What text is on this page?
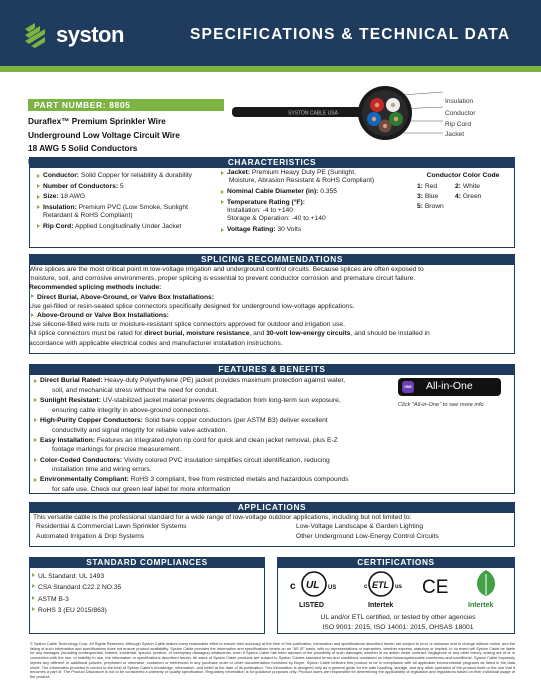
syston	SPECIFICATIONS & TECHNICAL DATA
PART NUMBER: 8805
Duraflex™ Premium Sprinkler Wire
Underground Low Voltage Circuit Wire
18 AWG 5 Solid Conductors
SYSTON CABLE USA
Insulation
Conductor
Rip Cord
Jacket
CHARACTERISTICS
Conductor: Solid Copper for reliability & durability
Number of Conductors: 5
Size: 18 AWG
Insulation: Premium PVC (Low Smoke, Sunlight
Retardant & RoHS Compliant)
Rip Cord: Applied Longitudinally Under Jacket
Jacket: Premium Heavy Duty PE (Sunlight,
Moisture, Abrasion Resistant & RoHS Compliant)
Nominal Cable Diameter (in): 0.355
Temperature Rating (°F):
Installation: -4 to +140
Storage & Operation: -40 to +140
Voltage Rating: 30 Volts
Conductor Color Code
1: Red	2: White
3: Blue	4: Green
5: Brown
SPLICING RECOMMENDATIONS

Wire splices are the most critical point in low-voltage irrigation and underground control circuits. Because splices are often exposed to

moisture, soil, and corrosive environments, proper splicing is essential to prevent conductor corrosion and premature circuit failure.

Recommended splicing methods include:

Direct Burial, Above-Ground, or Valve Box Installations:

Use gel-filled or resin-sealed splice connectors specifically designed for underground low-voltage applications.

Above-Ground or Valve Box Installations:

Use silicone-filled wire nuts or moisture-resistant splice connectors approved for outdoor and irrigation use.

All splice connectors must be rated for direct burial, moisture resistance, and 30-volt low-energy circuits, and should be installed in

accordance with applicable electrical codes and manufacturer installation instructions.

FEATURES & BENEFITS
Direct Burial Rated: Heavy-duty Polyethylene (PE) jacket provides maximum protection against water,
soil, and mechanical stress without the need for conduit.
Sunlight Resistant: UV-stabilized jacket material prevents degradation from long-term sun exposure,
ensuring cable integrity in above-ground connections.
High-Purity Copper Conductors: Solid bare copper conductors (per ASTM B3) deliver excellent
conductivity and signal integrity for reliable valve activation.
Easy Installation: Features an integrated nylon rip cord for quick and clean jacket removal, plus E-Z
footage markings for precise measurement.
Color-Coded Conductors: Vividly colored PVC insulation simplifies circuit identification, reducing
installation time and wiring errors.
Environmentally Compliant: RoHS 3 compliant, free from restricted metals and hazardous compounds
for safe use. Check our green leaf label for more information
ONE All-in-One
Click "All-in-One" to see more info
APPLICATIONS
This versatile cable is the professional standard for a wide range of low-voltage outdoor applications, including but not limited to:
Residential & Commercial Lawn Sprinkler Systems	Low-Voltage Landscape & Garden Lighting
Automated Irrigation & Drip Systems	Other Underground Low-Energy Control Circuits
STANDARD COMPLIANCES
UL Standard: UL 1493
CSA Standard C22.2 NO.35
ASTM B-3
RoHS 3 (EU 2015/863)
CERTIFICATIONS
c UL US
LISTED
c ETL us
Intertek
CE
Intertek
UL and/or ETL certified, or tested by other agencies
ISO 9001: 2015, ISO 14001: 2015, OHSAS 18001
© Syston Cable Technology Corp. All Rights Reserved. Although Syston Cable makes every reasonable effort to ensure their accuracy at the time of this publication, information and specifications described herein are subject to error or omission and to change without notice, and the listing of such information and specifications does not ensure product availability. Syston Cable provides the information and specifications herein on an "AS IS" basis, with no representations or warranties, whether express, statutory or implied. In no event will Syston Cable be liable for any damages (including consequential, indirect, incidental, special, punitive, or exemplary damages) whatsoever, even if Syston Cable has been advised of the possibility of such damages, whether in an action under contract, negligence or any other theory, arising out of or in connection with the use, or inability to use, the information or specifications described herein. All sales of Syston Cable products are subject to Syston 'Cables standard terms and conditions contained on https://www.systoncable.com/terms-and-conditions/. Syston Cable expressly rejects any different or additional policies, preprinted or otherwise, contained or referenced in any purchase order or other documentation furnished by Buyer. Syston Cable believes this product to be in compliance with all applicable environmental programs as listed in the data sheet. The information provided is correct to the best of Syston Cable's knowledge, information, and belief at the date of its publication. This information is designed only as a general guide for the safe handling, storage, and any other operation of the product itself or the one that it becomes a part of. The Product Disclosure is not to be considered a warranty or quality specification. Regulatory information is for guidance purposes only. Product users are responsible for determining the applicability of legislation and regulations based on their individual usage of the product.
